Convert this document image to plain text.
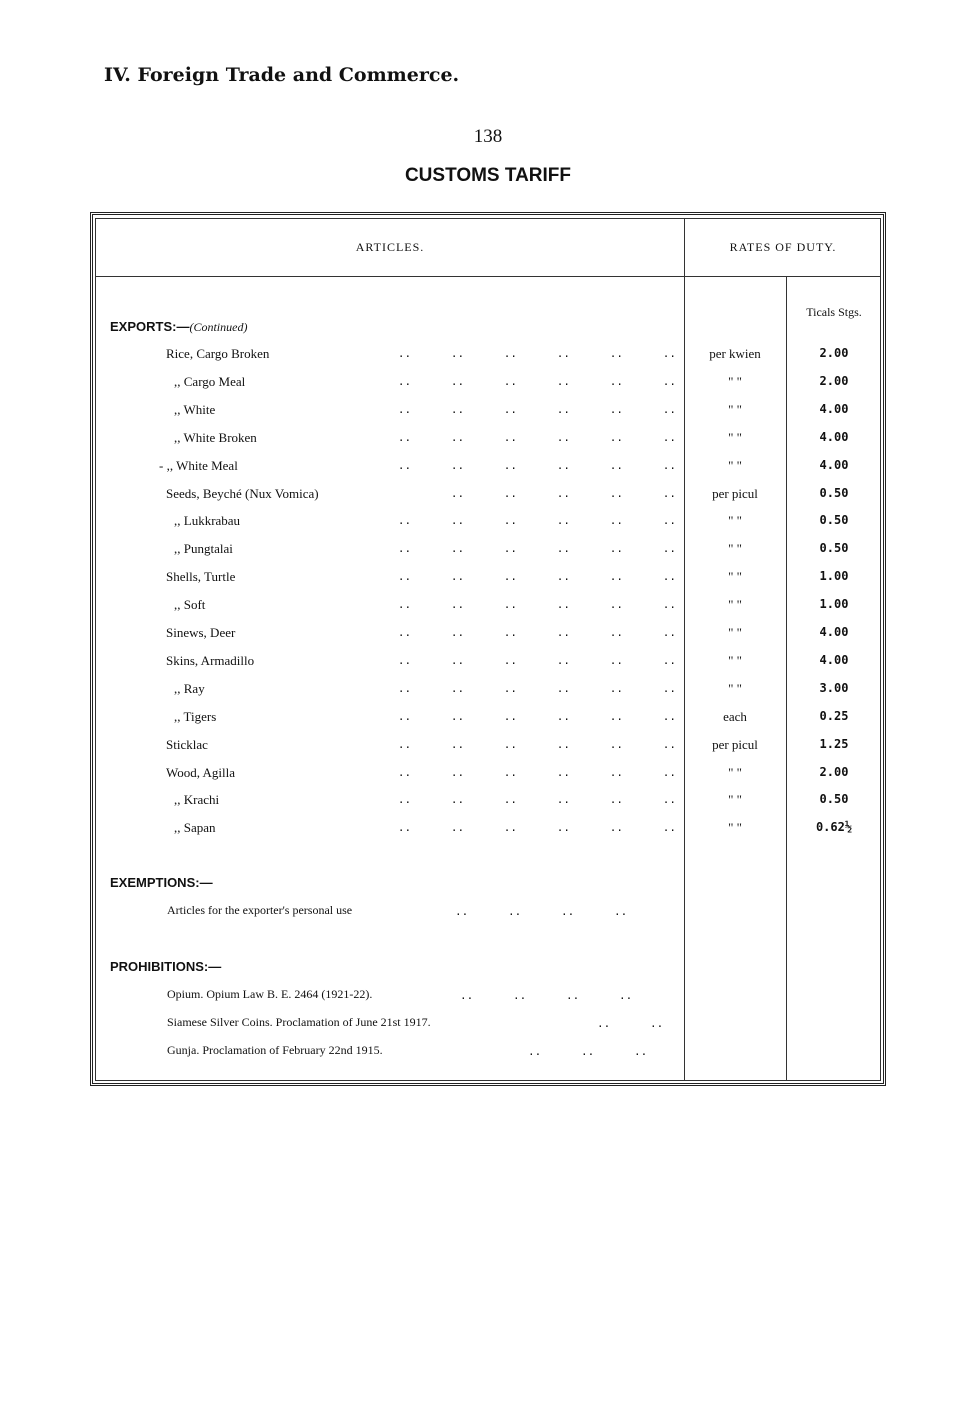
IV. Foreign Trade and Commerce.
138
CUSTOMS TARIFF
ARTICLES.	RATES OF DUTY.
Ticals Stgs.
EXPORTS:—(Continued)
Rice, Cargo Broken	..      ..      ..      ..      ..      ..	per kwien	2.00
,, Cargo Meal	..      ..      ..      ..      ..      ..	" "	2.00
,, White	..      ..      ..      ..      ..      ..	" "	4.00
,, White Broken	..      ..      ..      ..      ..      ..	" "	4.00
- ,, White Meal	..      ..      ..      ..      ..      ..	" "	4.00
Seeds, Beyché (Nux Vomica)	..      ..      ..      ..      ..	per picul	0.50
,, Lukkrabau	..      ..      ..      ..      ..      ..	" "	0.50
,, Pungtalai	..      ..      ..      ..      ..      ..	" "	0.50
Shells, Turtle	..      ..      ..      ..      ..      ..	" "	1.00
,, Soft	..      ..      ..      ..      ..      ..	" "	1.00
Sinews, Deer	..      ..      ..      ..      ..      ..	" "	4.00
Skins, Armadillo	..      ..      ..      ..      ..      ..	" "	4.00
,, Ray	..      ..      ..      ..      ..      ..	" "	3.00
,, Tigers	..      ..      ..      ..      ..      ..	each	0.25
Sticklac	..      ..      ..      ..      ..      ..	per picul	1.25
Wood, Agilla	..      ..      ..      ..      ..      ..	" "	2.00
,, Krachi	..      ..      ..      ..      ..      ..	" "	0.50
,, Sapan	..      ..      ..      ..      ..      ..	" "	0.62½
EXEMPTIONS:—
Articles for the exporter's personal use	..      ..      ..      ..
PROHIBITIONS:—
Opium. Opium Law B. E. 2464 (1921-22).	..      ..      ..      ..
Siamese Silver Coins. Proclamation of June 21st 1917.	..      ..
Gunja. Proclamation of February 22nd 1915.	..      ..      ..
